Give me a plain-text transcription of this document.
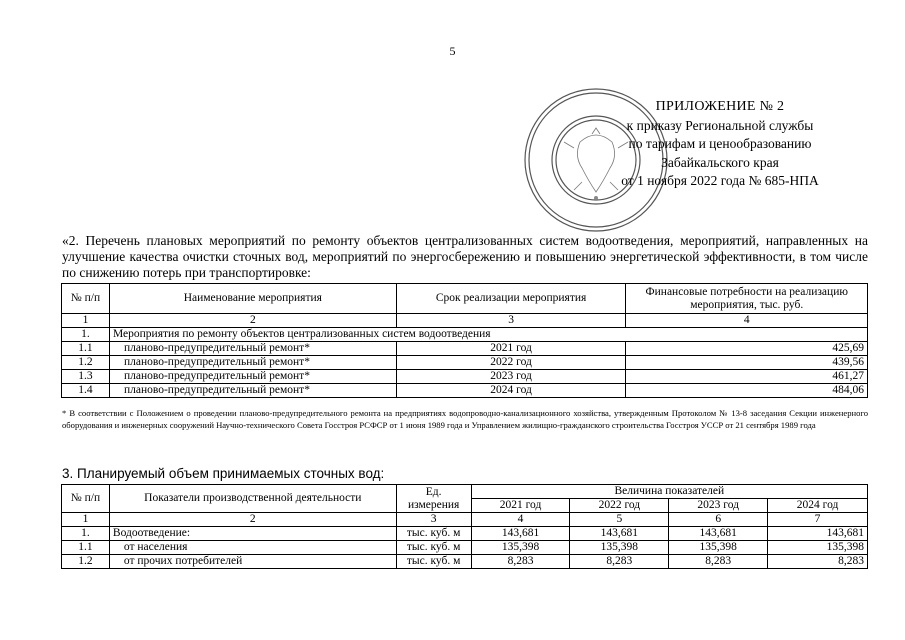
5
ПРИЛОЖЕНИЕ № 2
к приказу Региональной службы
по тарифам и ценообразованию
Забайкальского края
от 1 ноября 2022 года № 685-НПА
«2. Перечень плановых мероприятий по ремонту объектов централизованных систем водоотведения, мероприятий, направленных на улучшение качества очистки сточных вод, мероприятий по энергосбережению и повышению энергетической эффективности, в том числе по снижению потерь при транспортировке:
№ п/п	Наименование мероприятия	Срок реализации мероприятия	Финансовые потребности на реализацию мероприятия, тыс. руб.
1	2	3	4
1.	Мероприятия по ремонту объектов централизованных систем водоотведения		
1.1	планово-предупредительный ремонт*	2021 год	425,69
1.2	планово-предупредительный ремонт*	2022 год	439,56
1.3	планово-предупредительный ремонт*	2023 год	461,27
1.4	планово-предупредительный ремонт*	2024 год	484,06
* В соответствии с Положением о проведении планово-предупредительного ремонта на предприятиях водопроводно-канализационного хозяйства, утвержденным Протоколом № 13-8 заседания Секции инженерного оборудования и инженерных сооружений Научно-технического Совета Госстроя РСФСР от 1 июня 1989 года и Управлением жилищно-гражданского строительства Госстроя УССР от 21 сентября 1989 года
3. Планируемый объем принимаемых сточных вод:
№ п/п	Показатели производственной деятельности	Ед. измерения	Величина показателей			
			2021 год	2022 год	2023 год	2024 год
1	2	3	4	5	6	7
1.	Водоотведение:	тыс. куб. м	143,681	143,681	143,681	143,681
1.1	от населения	тыс. куб. м	135,398	135,398	135,398	135,398
1.2	от прочих потребителей	тыс. куб. м	8,283	8,283	8,283	8,283
